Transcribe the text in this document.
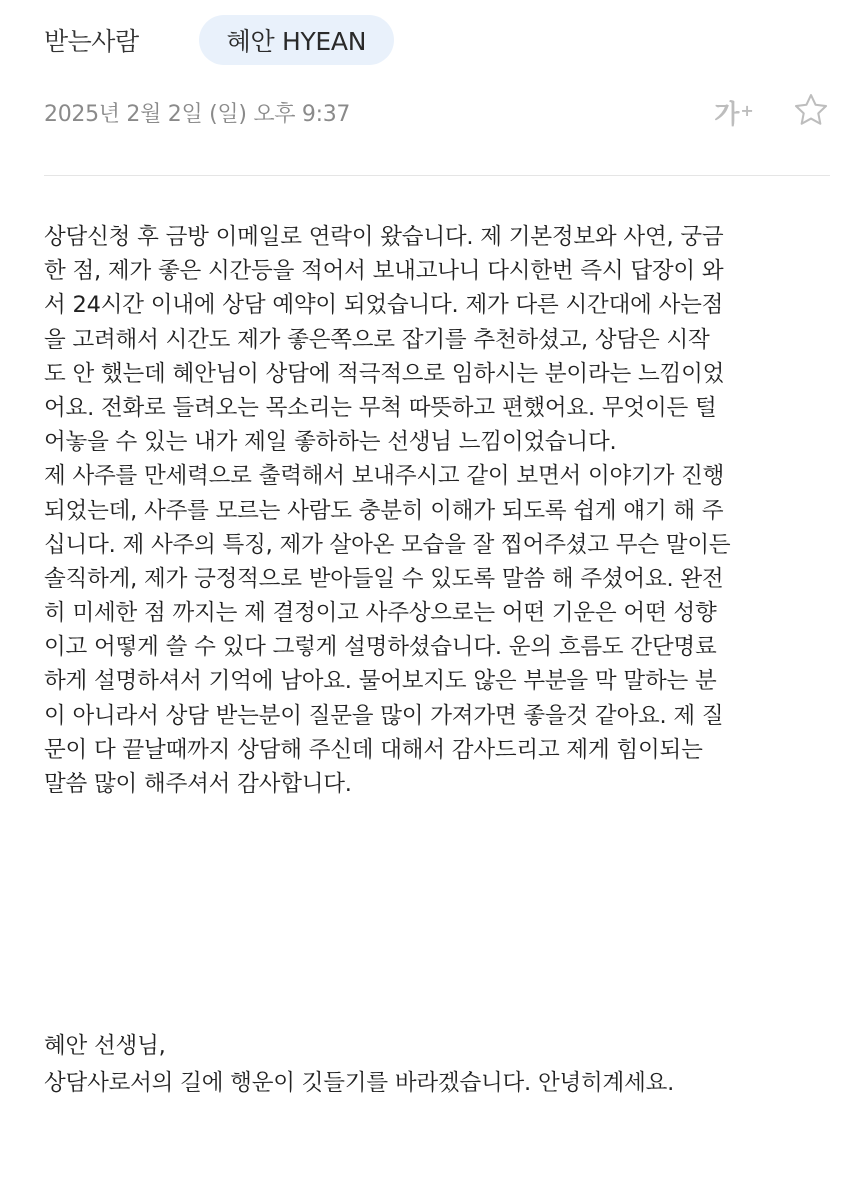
받는사람	혜안 HYEAN
2025년 2월 2일 (일) 오후 9:37	가+
상담신청 후 금방 이메일로 연락이 왔습니다. 제 기본정보와 사연, 궁금
한 점, 제가 좋은 시간등을 적어서 보내고나니 다시한번 즉시 답장이 와
서 24시간 이내에 상담 예약이 되었습니다. 제가 다른 시간대에 사는점
을 고려해서 시간도 제가 좋은쪽으로 잡기를 추천하셨고, 상담은 시작
도 안 했는데 혜안님이 상담에 적극적으로 임하시는 분이라는 느낌이었
어요. 전화로 들려오는 목소리는 무척 따뜻하고 편했어요. 무엇이든 털
어놓을 수 있는 내가 제일 좋하하는 선생님 느낌이었습니다.
제 사주를 만세력으로 출력해서 보내주시고 같이 보면서 이야기가 진행
되었는데, 사주를 모르는 사람도 충분히 이해가 되도록 쉽게 얘기 해 주
십니다. 제 사주의 특징, 제가 살아온 모습을 잘 찝어주셨고 무슨 말이든
솔직하게, 제가 긍정적으로 받아들일 수 있도록 말씀 해 주셨어요. 완전
히 미세한 점 까지는 제 결정이고 사주상으로는 어떤 기운은 어떤 성향
이고 어떻게 쓸 수 있다 그렇게 설명하셨습니다. 운의 흐름도 간단명료
하게 설명하셔서 기억에 남아요. 물어보지도 않은 부분을 막 말하는 분
이 아니라서 상담 받는분이 질문을 많이 가져가면 좋을것 같아요. 제 질
문이 다 끝날때까지 상담해 주신데 대해서 감사드리고 제게 힘이되는
말씀 많이 해주셔서 감사합니다.
혜안 선생님,
상담사로서의 길에 행운이 깃들기를 바라겠습니다. 안녕히계세요.
